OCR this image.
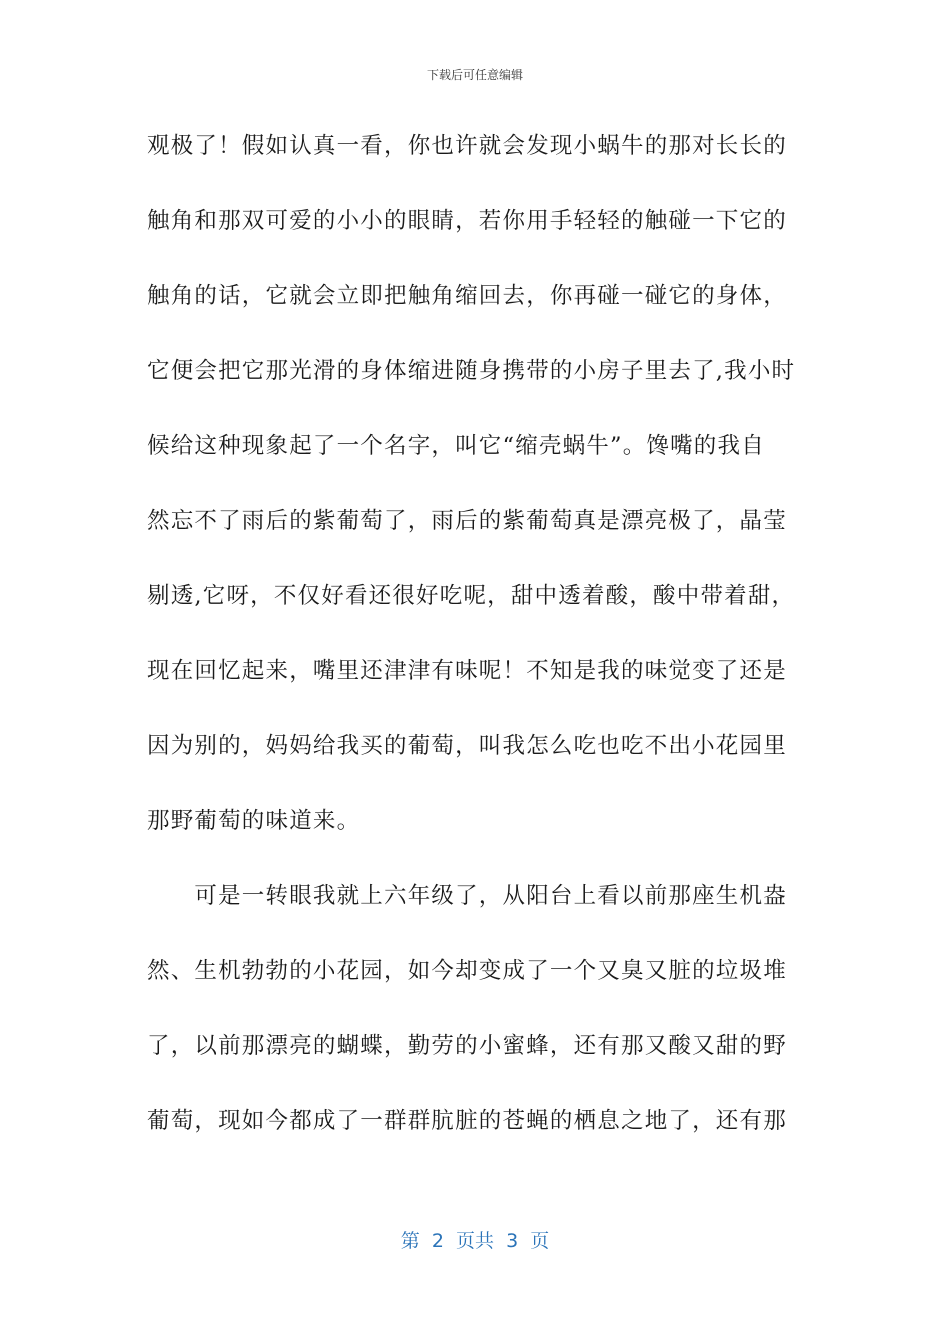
下载后可任意编辑
观极了！假如认真一看，你也许就会发现小蜗牛的那对长长的
触角和那双可爱的小小的眼睛，若你用手轻轻的触碰一下它的
触角的话，它就会立即把触角缩回去，你再碰一碰它的身体，
它便会把它那光滑的身体缩进随身携带的小房子里去了,我小时
候给这种现象起了一个名字，叫它“缩壳蜗牛”。馋嘴的我自
然忘不了雨后的紫葡萄了，雨后的紫葡萄真是漂亮极了，晶莹
剔透,它呀，不仅好看还很好吃呢，甜中透着酸，酸中带着甜，
现在回忆起来，嘴里还津津有味呢！不知是我的味觉变了还是
因为别的，妈妈给我买的葡萄，叫我怎么吃也吃不出小花园里
那野葡萄的味道来。
　　可是一转眼我就上六年级了，从阳台上看以前那座生机盎
然、生机勃勃的小花园，如今却变成了一个又臭又脏的垃圾堆
了，以前那漂亮的蝴蝶，勤劳的小蜜蜂，还有那又酸又甜的野
葡萄，现如今都成了一群群肮脏的苍蝇的栖息之地了，还有那
第  2  页共  3  页
